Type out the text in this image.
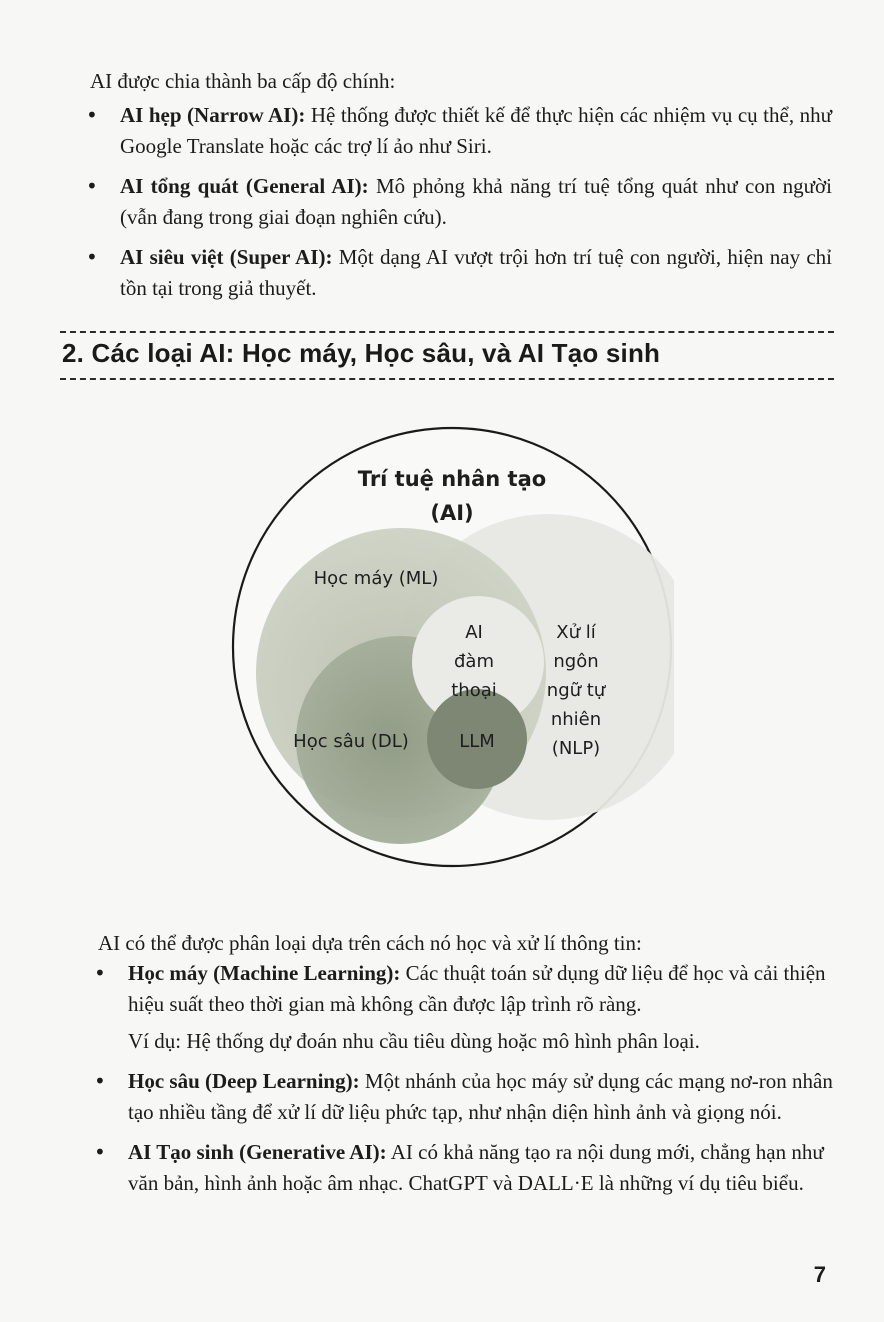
AI được chia thành ba cấp độ chính:
• AI hẹp (Narrow AI): Hệ thống được thiết kế để thực hiện các nhiệm vụ cụ thể, như Google Translate hoặc các trợ lí ảo như Siri.
• AI tổng quát (General AI): Mô phỏng khả năng trí tuệ tổng quát như con người (vẫn đang trong giai đoạn nghiên cứu).
• AI siêu việt (Super AI): Một dạng AI vượt trội hơn trí tuệ con người, hiện nay chỉ tồn tại trong giả thuyết.
2. Các loại AI: Học máy, Học sâu, và AI Tạo sinh
Trí tuệ nhân tạo
(AI)
Học máy (ML)
AI
đàm
thoại
Xử lí
ngôn
ngữ tự
nhiên
(NLP)
Học sâu (DL)	LLM
AI có thể được phân loại dựa trên cách nó học và xử lí thông tin:
• Học máy (Machine Learning): Các thuật toán sử dụng dữ liệu để học và cải thiện hiệu suất theo thời gian mà không cần được lập trình rõ ràng.
Ví dụ: Hệ thống dự đoán nhu cầu tiêu dùng hoặc mô hình phân loại.
• Học sâu (Deep Learning): Một nhánh của học máy sử dụng các mạng nơ-ron nhân tạo nhiều tầng để xử lí dữ liệu phức tạp, như nhận diện hình ảnh và giọng nói.
• AI Tạo sinh (Generative AI): AI có khả năng tạo ra nội dung mới, chẳng hạn như văn bản, hình ảnh hoặc âm nhạc. ChatGPT và DALL·E là những ví dụ tiêu biểu.
7
